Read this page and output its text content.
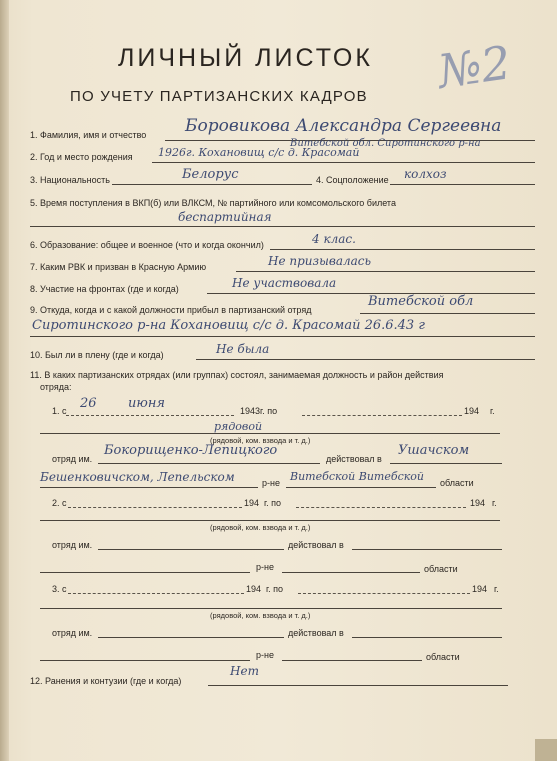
ЛИЧНЫЙ ЛИСТОК
ПО УЧЕТУ ПАРТИЗАНСКИХ КАДРОВ №2
1. Фамилия, имя и отчество Боровикова Александра Сергеевна
Витебской обл. Сиротинского р-на
2. Год и место рождения 1926г. Кохановищ с/с д. Красомай
3. Национальность	Белорус	4. Соцположение колхоз
5. Время поступления в ВКП(б) или ВЛКСМ, № партийного или комсомольского билета
беспартийная
6. Образование: общее и военное (что и когда окончил)	4 клас.
7. Каким РВК и призван в Красную Армию	Не призывалась
8. Участие на фронтах (где и когда)	Не участвовала
9. Откуда, когда и с какой должности прибыл в партизанский отряд
Витебской обл
Сиротинского р-на Кохановищ с/с д. Красомай 26.6.43 г
10. Был ли в плену (где и когда)	Не была
11. В каких партизанских отрядах (или группах) состоял, занимаемая должность и район действия
отряда:
1. с 26 июня	1943г. по	194 г.
рядовой
(рядовой, ком. взвода и т. д.)
отряд им.
Бокорищенко-Лепицкого
действовал в
Ушачском
Бешенковичском, Лепельском	р-не Витебской Витебской области
2. с	194 г. по	194 г.
(рядовой, ком. взвода и т. д.)
отряд им.	действовал в
р-не	области
3. с	194 г. по	194 г.
(рядовой, ком. взвода и т. д.)
отряд им.	действовал в
р-не	области
12. Ранения и контузии (где и когда)
Нет
